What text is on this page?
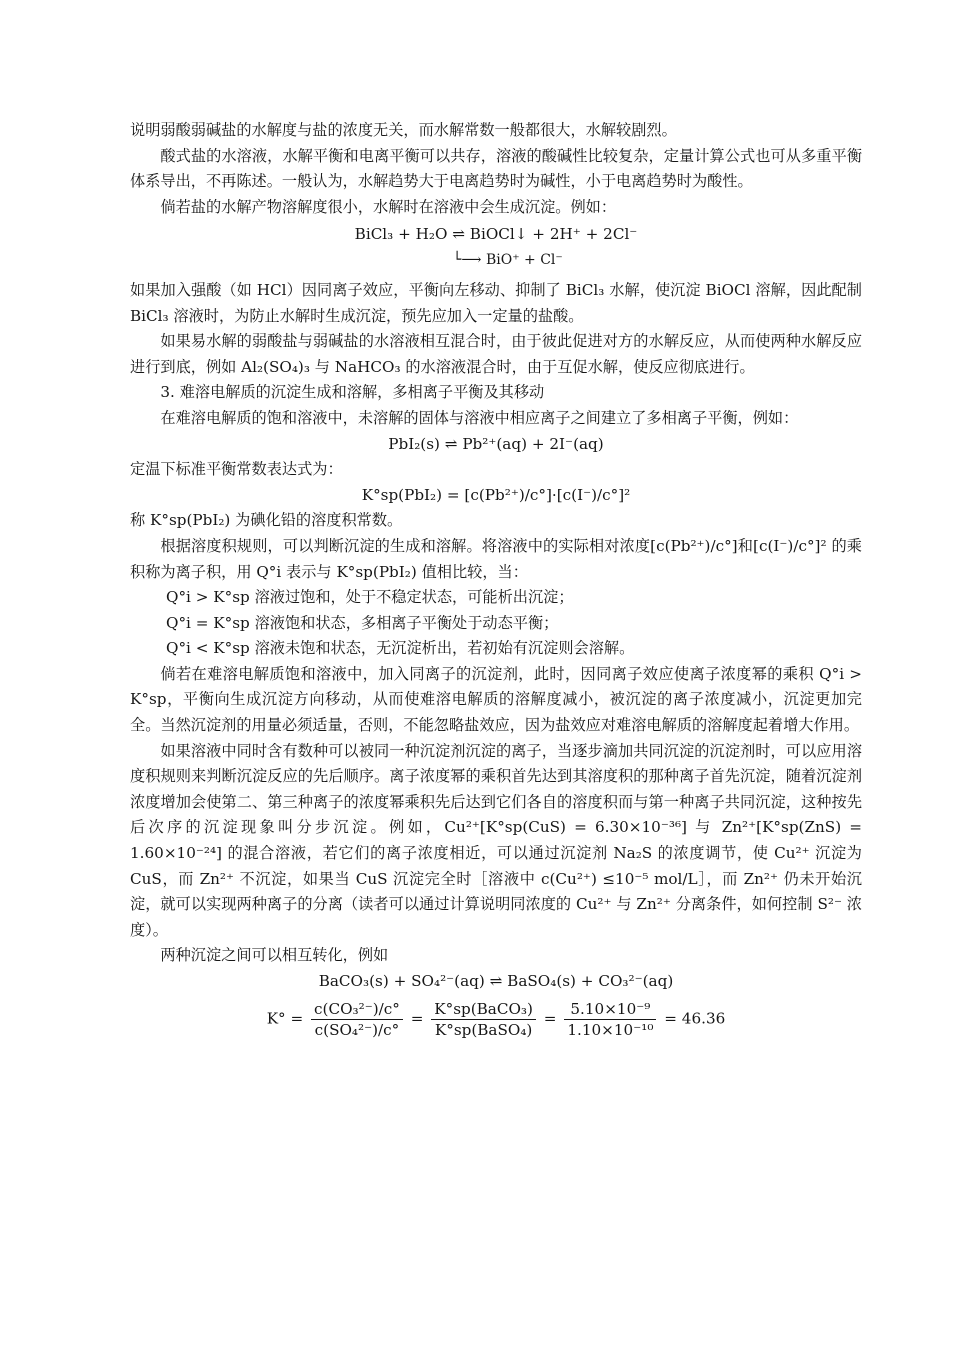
说明弱酸弱碱盐的水解度与盐的浓度无关，而水解常数一般都很大，水解较剧烈。

酸式盐的水溶液，水解平衡和电离平衡可以共存，溶液的酸碱性比较复杂，定量计算公式也可从多重平衡体系导出，不再陈述。一般认为，水解趋势大于电离趋势时为碱性，小于电离趋势时为酸性。

倘若盐的水解产物溶解度很小，水解时在溶液中会生成沉淀。例如：

BiCl₃ + H₂O ⇌ BiOCl↓ + 2H⁺ + 2Cl⁻

└⟶ BiO⁺ + Cl⁻

如果加入强酸（如 HCl）因同离子效应，平衡向左移动、抑制了 BiCl₃ 水解，使沉淀 BiOCl 溶解，因此配制 BiCl₃ 溶液时，为防止水解时生成沉淀，预先应加入一定量的盐酸。

如果易水解的弱酸盐与弱碱盐的水溶液相互混合时，由于彼此促进对方的水解反应，从而使两种水解反应进行到底，例如 Al₂(SO₄)₃ 与 NaHCO₃ 的水溶液混合时，由于互促水解，使反应彻底进行。

3. 难溶电解质的沉淀生成和溶解，多相离子平衡及其移动

在难溶电解质的饱和溶液中，未溶解的固体与溶液中相应离子之间建立了多相离子平衡，例如：

PbI₂(s) ⇌ Pb²⁺(aq) + 2I⁻(aq)

定温下标准平衡常数表达式为：

K°sp(PbI₂) = [c(Pb²⁺)/c°]·[c(I⁻)/c°]²

称 K°sp(PbI₂) 为碘化铅的溶度积常数。

根据溶度积规则，可以判断沉淀的生成和溶解。将溶液中的实际相对浓度[c(Pb²⁺)/c°]和[c(I⁻)/c°]² 的乘积称为离子积，用 Q°i 表示与 K°sp(PbI₂) 值相比较，当：

Q°i > K°sp 溶液过饱和，处于不稳定状态，可能析出沉淀；

Q°i = K°sp 溶液饱和状态，多相离子平衡处于动态平衡；

Q°i < K°sp 溶液未饱和状态，无沉淀析出，若初始有沉淀则会溶解。

倘若在难溶电解质饱和溶液中，加入同离子的沉淀剂，此时，因同离子效应使离子浓度幂的乘积 Q°i > K°sp，平衡向生成沉淀方向移动，从而使难溶电解质的溶解度减小，被沉淀的离子浓度减小，沉淀更加完全。当然沉淀剂的用量必须适量，否则，不能忽略盐效应，因为盐效应对难溶电解质的溶解度起着增大作用。

如果溶液中同时含有数种可以被同一种沉淀剂沉淀的离子，当逐步滴加共同沉淀的沉淀剂时，可以应用溶度积规则来判断沉淀反应的先后顺序。离子浓度幂的乘积首先达到其溶度积的那种离子首先沉淀，随着沉淀剂浓度增加会使第二、第三种离子的浓度幂乘积先后达到它们各自的溶度积而与第一种离子共同沉淀，这种按先后次序的沉淀现象叫分步沉淀。例如，Cu²⁺[K°sp(CuS) = 6.30×10⁻³⁶] 与 Zn²⁺[K°sp(ZnS) = 1.60×10⁻²⁴] 的混合溶液，若它们的离子浓度相近，可以通过沉淀剂 Na₂S 的浓度调节，使 Cu²⁺ 沉淀为 CuS，而 Zn²⁺ 不沉淀，如果当 CuS 沉淀完全时［溶液中 c(Cu²⁺) ≤10⁻⁵ mol/L］，而 Zn²⁺ 仍未开始沉淀，就可以实现两种离子的分离（读者可以通过计算说明同浓度的 Cu²⁺ 与 Zn²⁺ 分离条件，如何控制 S²⁻ 浓度）。

两种沉淀之间可以相互转化，例如

BaCO₃(s) + SO₄²⁻(aq) ⇌ BaSO₄(s) + CO₃²⁻(aq)

$K^\circ = \frac{\text{c(CO₃²⁻)/c°}}{\text{c(SO₄²⁻)/c°}} = \frac{\text{K°sp(BaCO₃)}}{\text{K°sp(BaSO₄)}} = \frac{\text{5.10×10⁻⁹}}{\text{1.10×10⁻¹⁰}} = 46.36$
